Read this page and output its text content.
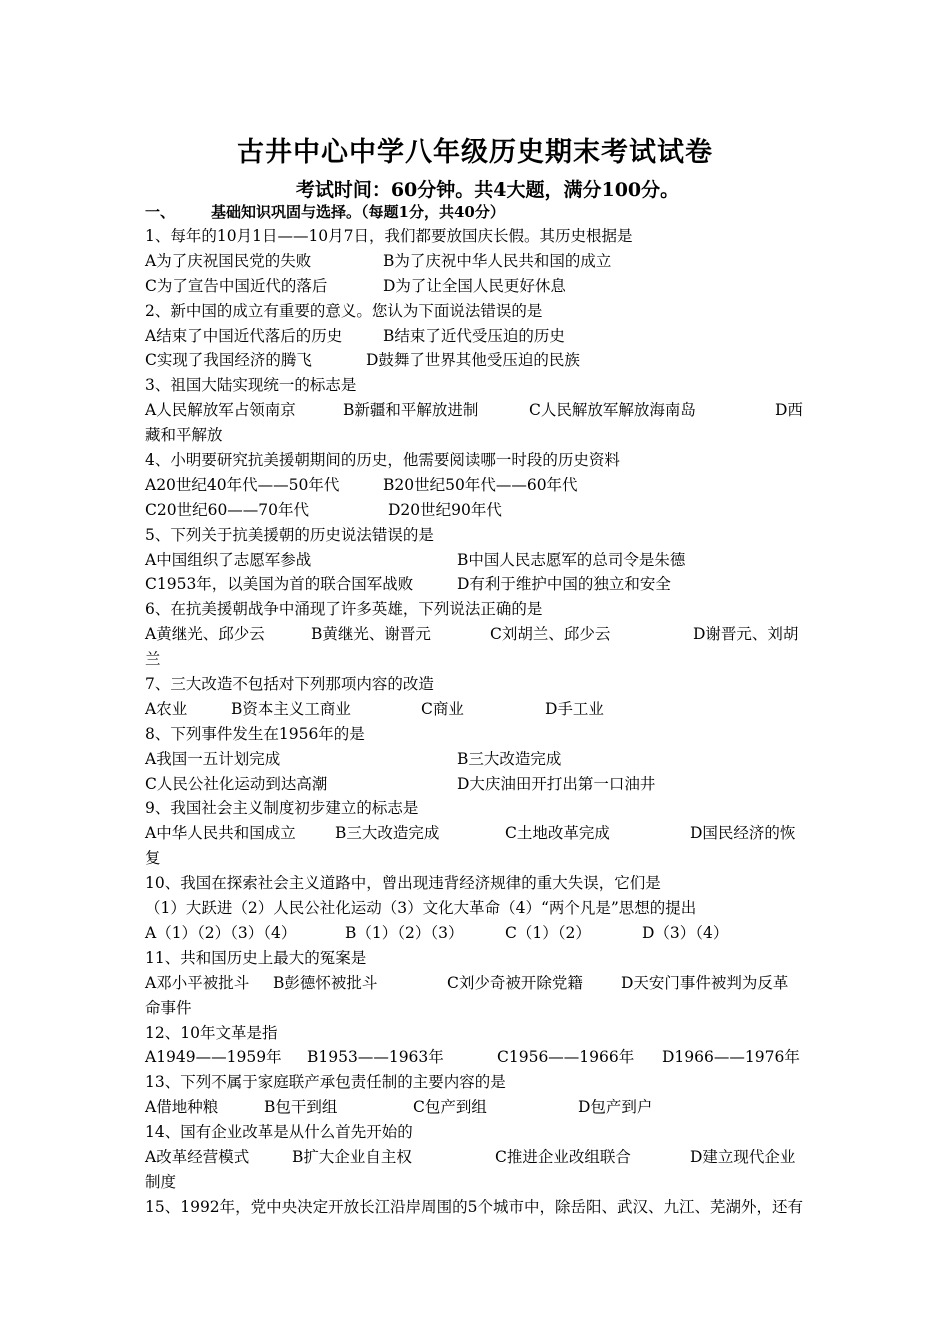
古井中心中学八年级历史期末考试试卷
考试时间：60分钟。共4大题，满分100分。
一、 基础知识巩固与选择。（每题1分，共40分）
1、每年的10月1日——10月7日，我们都要放国庆长假。其历史根据是
A为了庆祝国民党的失败	B为了庆祝中华人民共和国的成立
C为了宣告中国近代的落后	D为了让全国人民更好休息
2、新中国的成立有重要的意义。您认为下面说法错误的是
A结束了中国近代落后的历史	B结束了近代受压迫的历史
C实现了我国经济的腾飞	D鼓舞了世界其他受压迫的民族
3、祖国大陆实现统一的标志是
A人民解放军占领南京	B新疆和平解放进制	C人民解放军解放海南岛	D西
藏和平解放
4、小明要研究抗美援朝期间的历史，他需要阅读哪一时段的历史资料
A20世纪40年代——50年代	B20世纪50年代——60年代
C20世纪60——70年代	D20世纪90年代
5、下列关于抗美援朝的历史说法错误的是
A中国组织了志愿军参战	B中国人民志愿军的总司令是朱德
C1953年，以美国为首的联合国军战败	D有利于维护中国的独立和安全
6、在抗美援朝战争中涌现了许多英雄，下列说法正确的是
A黄继光、邱少云	B黄继光、谢晋元	C刘胡兰、邱少云	D谢晋元、刘胡
兰
7、三大改造不包括对下列那项内容的改造
A农业	B资本主义工商业	C商业	D手工业
8、下列事件发生在1956年的是
A我国一五计划完成	B三大改造完成
C人民公社化运动到达高潮	D大庆油田开打出第一口油井
9、我国社会主义制度初步建立的标志是
A中华人民共和国成立	B三大改造完成	C土地改革完成	D国民经济的恢
复
10、我国在探索社会主义道路中，曾出现违背经济规律的重大失误，它们是
（1）大跃进（2）人民公社化运动（3）文化大革命（4）“两个凡是”思想的提出
A（1）（2）（3）（4）	B（1）（2）（3）	C（1）（2）	D（3）（4）
11、共和国历史上最大的冤案是
A邓小平被批斗 B彭德怀被批斗	C刘少奇被开除党籍 D天安门事件被判为反革
命事件
12、10年文革是指
A1949——1959年 B1953——1963年	C1956——1966年 D1966——1976年
13、下列不属于家庭联产承包责任制的主要内容的是
A借地种粮	B包干到组	C包产到组	D包产到户
14、国有企业改革是从什么首先开始的
A改革经营模式	B扩大企业自主权	C推进企业改组联合	D建立现代企业
制度
15、1992年，党中央决定开放长江沿岸周围的5个城市中，除岳阳、武汉、九江、芜湖外，还有
